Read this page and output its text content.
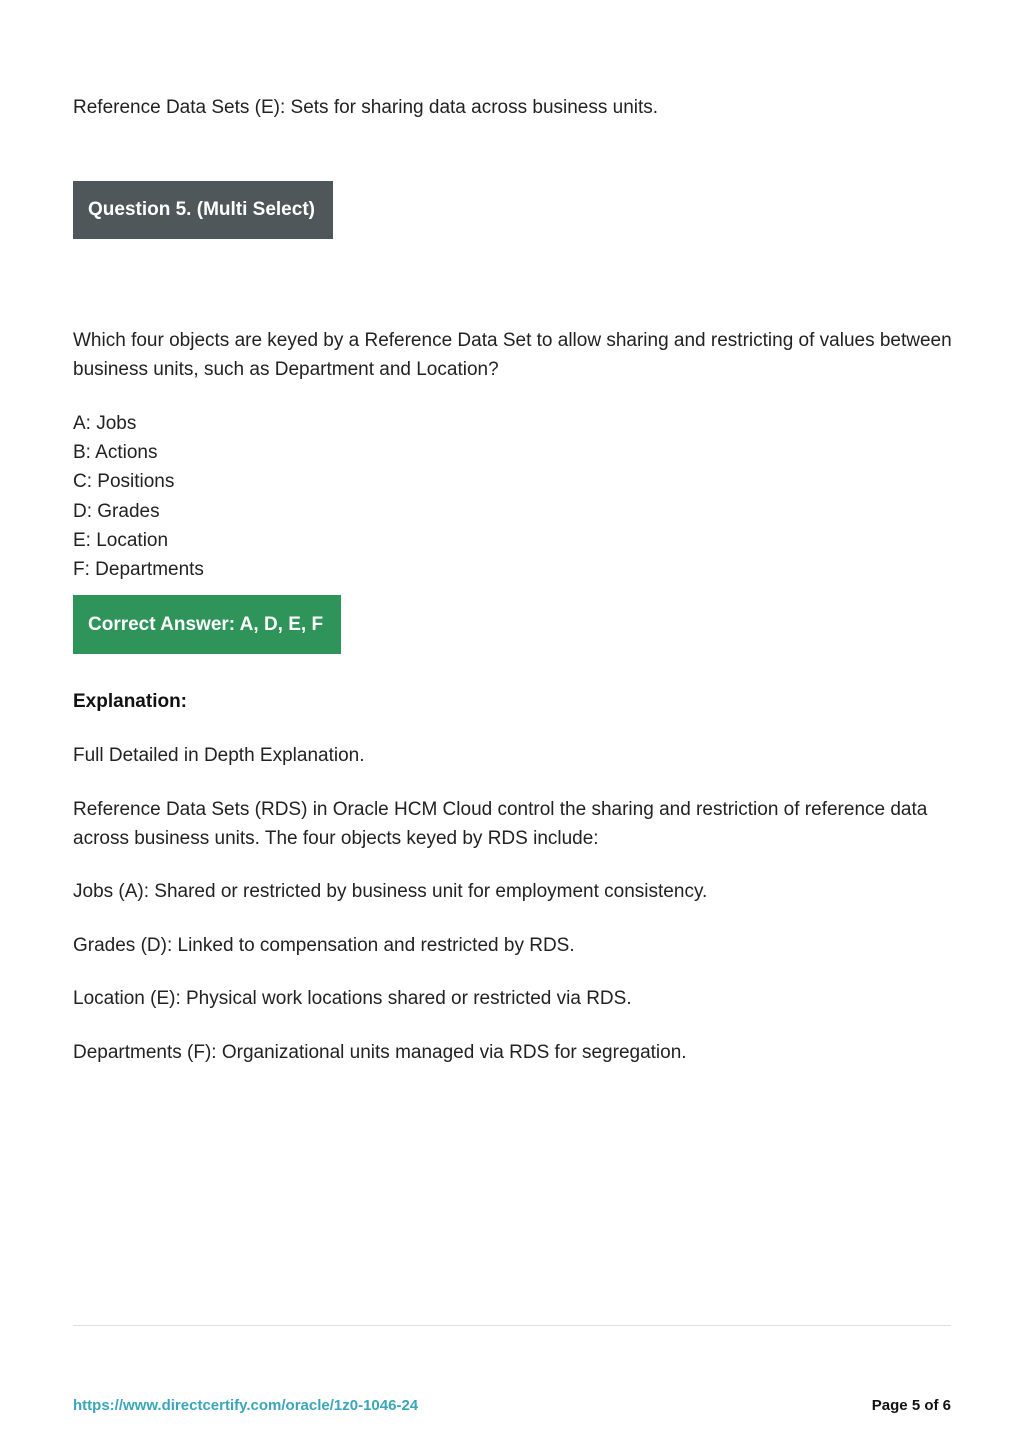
Reference Data Sets (E): Sets for sharing data across business units.

Question 5. (Multi Select)

Which four objects are keyed by a Reference Data Set to allow sharing and restricting of values between business units, such as Department and Location?

A: Jobs
B: Actions
C: Positions
D: Grades
E: Location
F: Departments
Correct Answer: A, D, E, F

Explanation:

Full Detailed in Depth Explanation.

Reference Data Sets (RDS) in Oracle HCM Cloud control the sharing and restriction of reference data across business units. The four objects keyed by RDS include:

Jobs (A): Shared or restricted by business unit for employment consistency.

Grades (D): Linked to compensation and restricted by RDS.

Location (E): Physical work locations shared or restricted via RDS.

Departments (F): Organizational units managed via RDS for segregation.

https://www.directcertify.com/oracle/1z0-1046-24	Page 5 of 6
